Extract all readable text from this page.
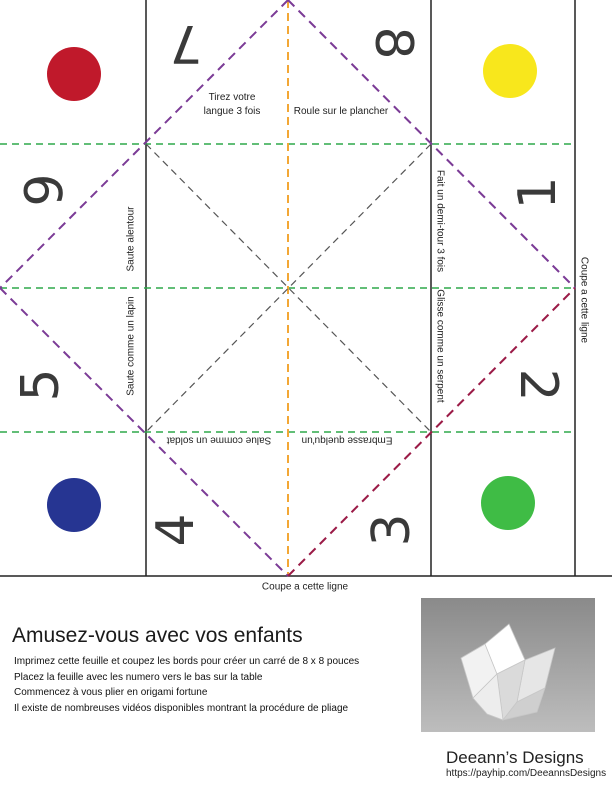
7	8
1
2
3
4
5
6
Tirez votre
langue 3 fois	Roule sur le plancher
Fait un demi-tour 3 fois
Glisse comme un serpent
Embrasse quelqu'un
Salue comme un soldat
Saute comme un lapin
Saute alentour
Coupe a cette ligne
Coupe a cette ligne
Amusez-vous avec vos enfants
Imprimez cette feuille et coupez les bords pour créer un carré de 8 x 8 pouces
Placez la feuille avec les numero vers le bas sur la table
Commencez à vous plier en origami fortune
Il existe de nombreuses vidéos disponibles montrant la procédure de pliage
Deeann’s Designs
https://payhip.com/DeeannsDesigns
